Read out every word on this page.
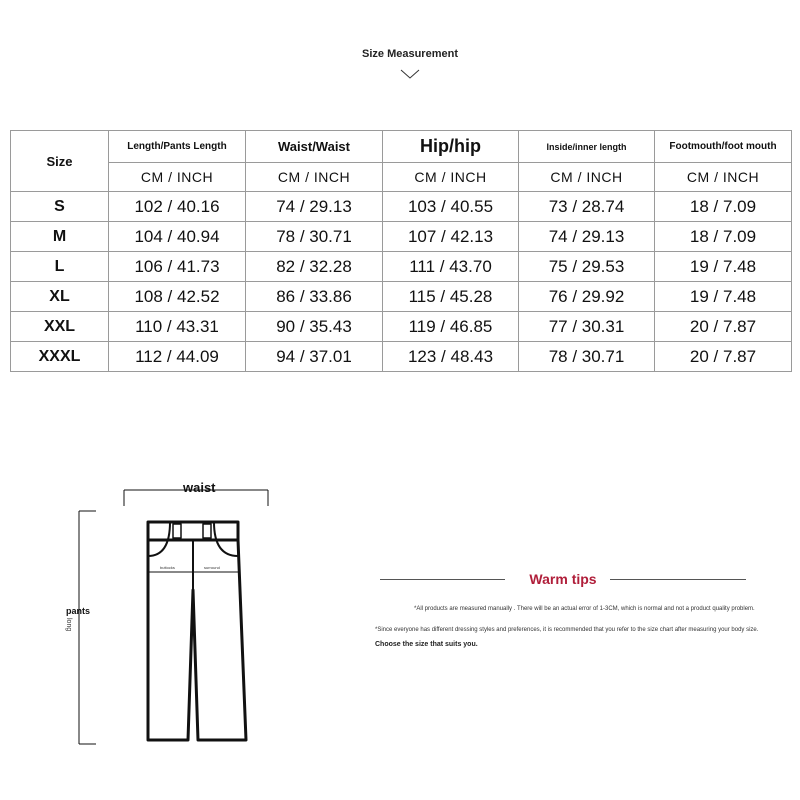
Size Measurement
Size	Length/Pants Length	Waist/Waist	Hip/hip	Inside/inner length	Footmouth/foot mouth
	CM / INCH	CM / INCH	CM / INCH	CM / INCH	CM / INCH
S	102 / 40.16	74 / 29.13	103 / 40.55	73 / 28.74	18 / 7.09
M	104 / 40.94	78 / 30.71	107 / 42.13	74 / 29.13	18 / 7.09
L	106 / 41.73	82 / 32.28	111 / 43.70	75 / 29.53	19 / 7.48
XL	108 / 42.52	86 / 33.86	115 / 45.28	76 / 29.92	19 / 7.48
XXL	110 / 43.31	90 / 35.43	119 / 46.85	77 / 30.31	20 / 7.87
XXXL	112 / 44.09	94 / 37.01	123 / 48.43	78 / 30.71	20 / 7.87
buttocks	surround
waist
pants
long
Warm tips
*All products are measured manually . There will be an actual error of 1-3CM, which is normal and not a product quality problem.
*Since everyone has different dressing styles and preferences, it is recommended that you refer to the size chart after measuring your body size.
Choose the size that suits you.
